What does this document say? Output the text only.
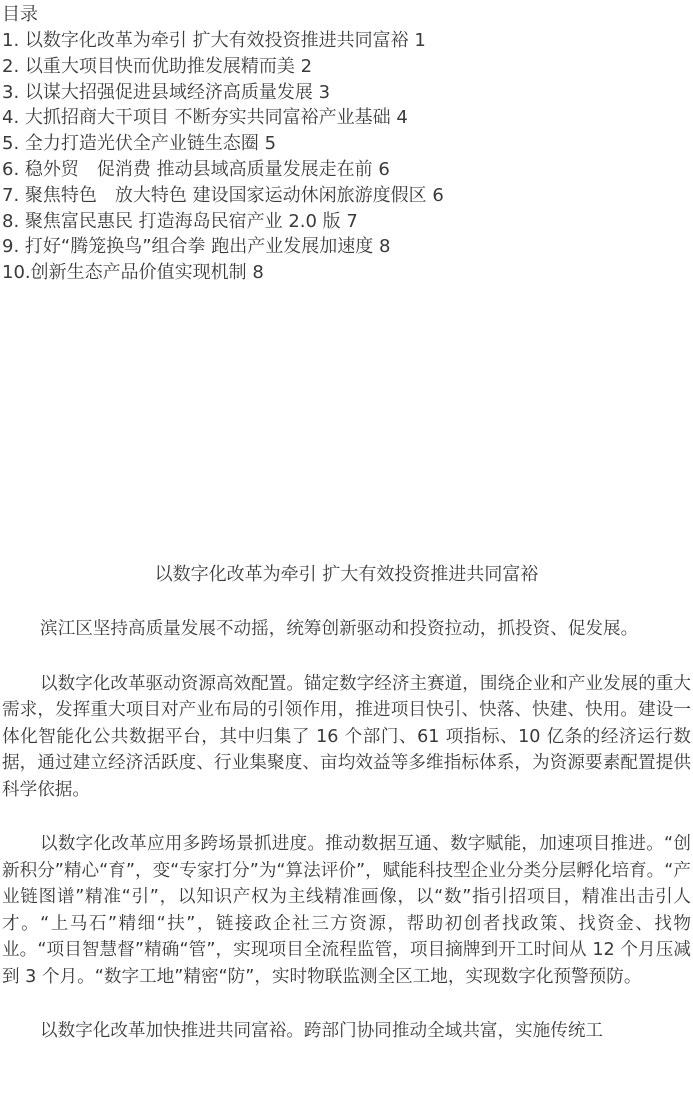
目录
1. 以数字化改革为牵引 扩大有效投资推进共同富裕 1
2. 以重大项目快而优助推发展精而美 2
3. 以谋大招强促进县域经济高质量发展 3
4. 大抓招商大干项目 不断夯实共同富裕产业基础 4
5. 全力打造光伏全产业链生态圈 5
6. 稳外贸　促消费 推动县域高质量发展走在前 6
7. 聚焦特色　放大特色 建设国家运动休闲旅游度假区 6
8. 聚焦富民惠民 打造海岛民宿产业 2.0 版 7
9. 打好“腾笼换鸟”组合拳 跑出产业发展加速度 8
10.创新生态产品价值实现机制 8
以数字化改革为牵引 扩大有效投资推进共同富裕

滨江区坚持高质量发展不动摇，统筹创新驱动和投资拉动，抓投资、促发展。

以数字化改革驱动资源高效配置。锚定数字经济主赛道，围绕企业和产业发展的重大需求，发挥重大项目对产业布局的引领作用，推进项目快引、快落、快建、快用。建设一体化智能化公共数据平台，其中归集了 16 个部门、61 项指标、10 亿条的经济运行数据，通过建立经济活跃度、行业集聚度、亩均效益等多维指标体系，为资源要素配置提供科学依据。

以数字化改革应用多跨场景抓进度。推动数据互通、数字赋能，加速项目推进。“创新积分”精心“育”，变“专家打分”为“算法评价”，赋能科技型企业分类分层孵化培育。“产业链图谱”精准“引”，以知识产权为主线精准画像，以“数”指引招项目，精准出击引人才。“上马石”精细“扶”，链接政企社三方资源，帮助初创者找政策、找资金、找物业。“项目智慧督”精确“管”，实现项目全流程监管，项目摘牌到开工时间从 12 个月压减到 3 个月。“数字工地”精密“防”，实时物联监测全区工地，实现数字化预警预防。

以数字化改革加快推进共同富裕。跨部门协同推动全域共富，实施传统工
